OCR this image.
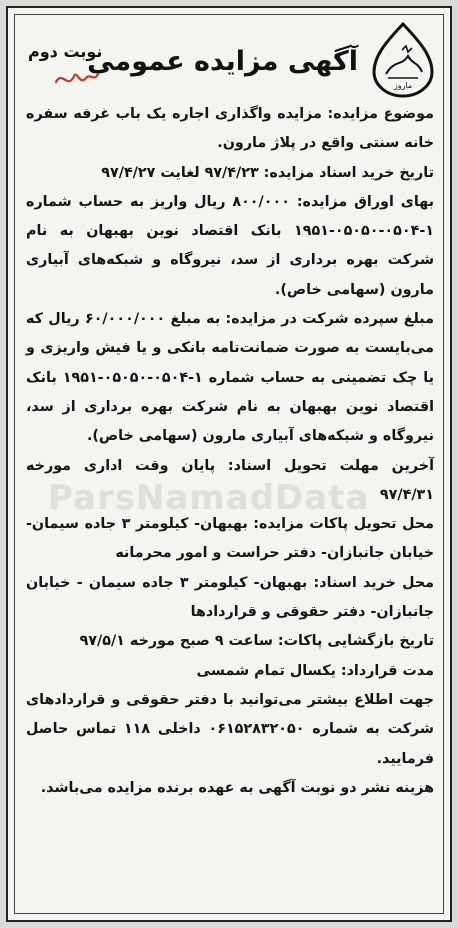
ماروز
آگهی مزایده عمومی
نوبت دوم

موضوع مزایده: مزایده واگذاری اجاره یک باب غرفه سفره خانه سنتی واقع در پلاژ مارون.

تاریخ خرید اسناد مزایده: ۹۷/۴/۲۳ لغایت ۹۷/۴/۲۷

بهای اوراق مزایده: ۸۰۰/۰۰۰ ریال واریز به حساب شماره ۱-۰۵۰۴-۰۵۰۵۰-۱۹۵۱ بانک اقتصاد نوین بهبهان به نام شرکت بهره برداری از سد، نیروگاه و شبکه‌های آبیاری مارون (سهامی خاص).

مبلغ سپرده شرکت در مزایده: به مبلغ ۶۰/۰۰۰/۰۰۰ ریال که می‌بایست به صورت ضمانت‌نامه بانکی و یا فیش واریزی و یا چک تضمینی به حساب شماره ۱-۰۵۰۴-۰۵۰۵۰-۱۹۵۱ بانک اقتصاد نوین بهبهان به نام شرکت بهره برداری از سد، نیروگاه و شبکه‌های آبیاری مارون (سهامی خاص).

آخرین مهلت تحویل اسناد: پایان وقت اداری مورخه ۹۷/۴/۳۱

محل تحویل پاکات مزایده: بهبهان- کیلومتر ۳ جاده سیمان- خیابان جانبازان- دفتر حراست و امور محرمانه

محل خرید اسناد: بهبهان- کیلومتر ۳ جاده سیمان - خیابان جانبازان- دفتر حقوقی و قراردادها

تاریخ بازگشایی پاکات: ساعت ۹ صبح مورخه ۹۷/۵/۱

مدت قرارداد: یکسال تمام شمسی

جهت اطلاع بیشتر می‌توانید با دفتر حقوقی و قراردادهای شرکت به شماره ۰۶۱۵۲۸۳۲۰۵۰ داخلی ۱۱۸ تماس حاصل فرمایید.

هزینه نشر دو نوبت آگهی به عهده برنده مزایده می‌باشد.

ParsNamadData
